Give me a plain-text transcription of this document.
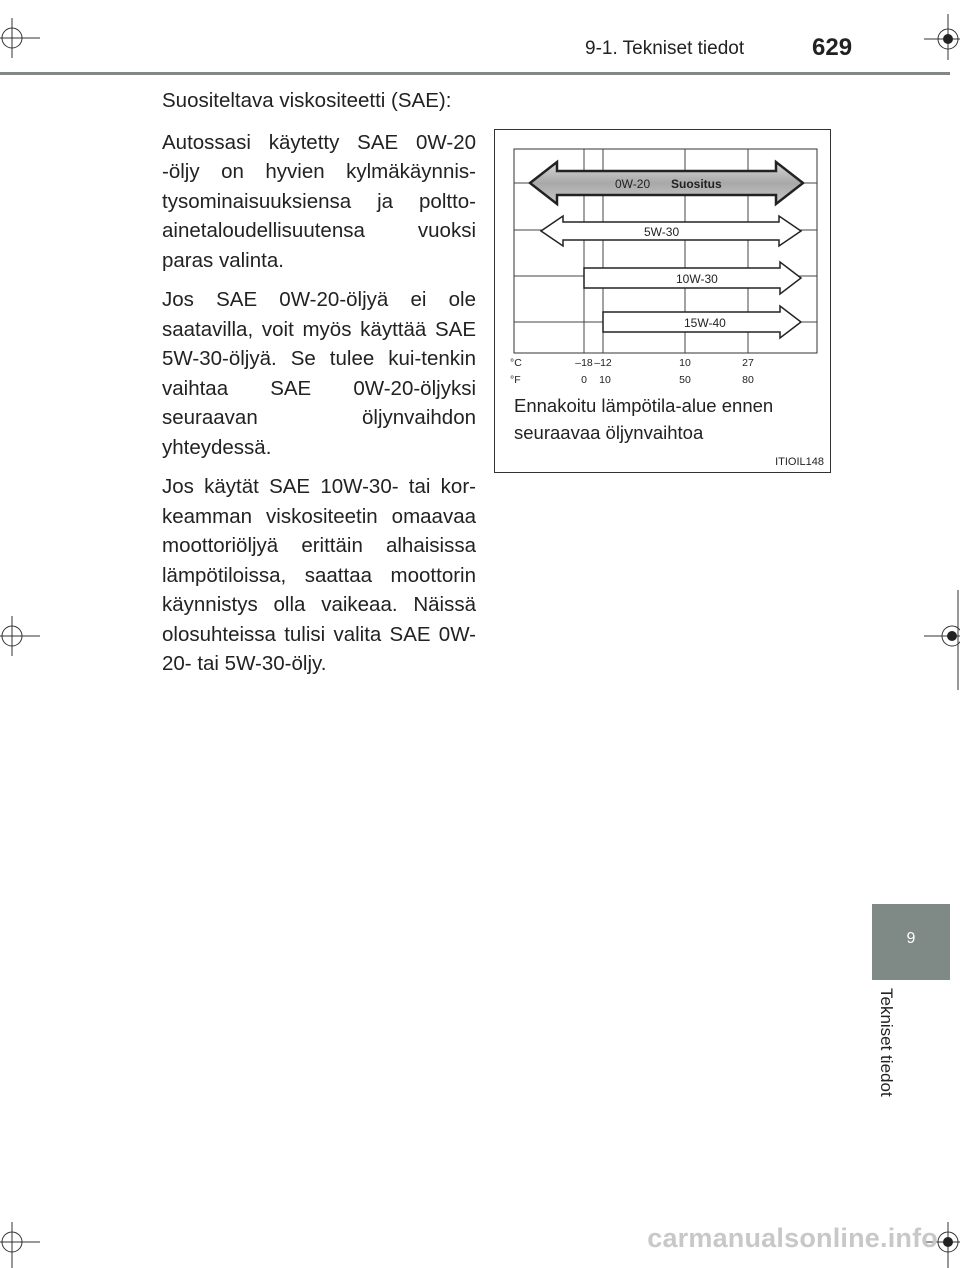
9-1. Tekniset tiedot	629

Suositeltava viskositeetti (SAE):

Autossasi käytetty SAE 0W-20 -öljy on hyvien kylmäkäynnis-tysominaisuuksiensa ja poltto-ainetaloudellisuutensa vuoksi paras valinta.

Jos SAE 0W-20-öljyä ei ole saatavilla, voit myös käyttää SAE 5W-30-öljyä. Se tulee kui-tenkin vaihtaa SAE 0W-20-öljyksi seuraavan öljynvaihdon yhteydessä.

Jos käytät SAE 10W-30- tai kor-keamman viskositeetin omaavaa moottoriöljyä erittäin alhaisissa lämpötiloissa, saattaa moottorin käynnistys olla vaikeaa. Näissä olosuhteissa tulisi valita SAE 0W-20- tai 5W-30-öljy.

0W-20 Suositus
5W-30
10W-30
15W-40
°C
°F
–18 –12	10	27
0 10	50	80
Ennakoitu lämpötila-alue ennen
seuraavaa öljynvaihtoa
ITIOIL148
9
Tekniset tiedot
carmanualsonline.info
